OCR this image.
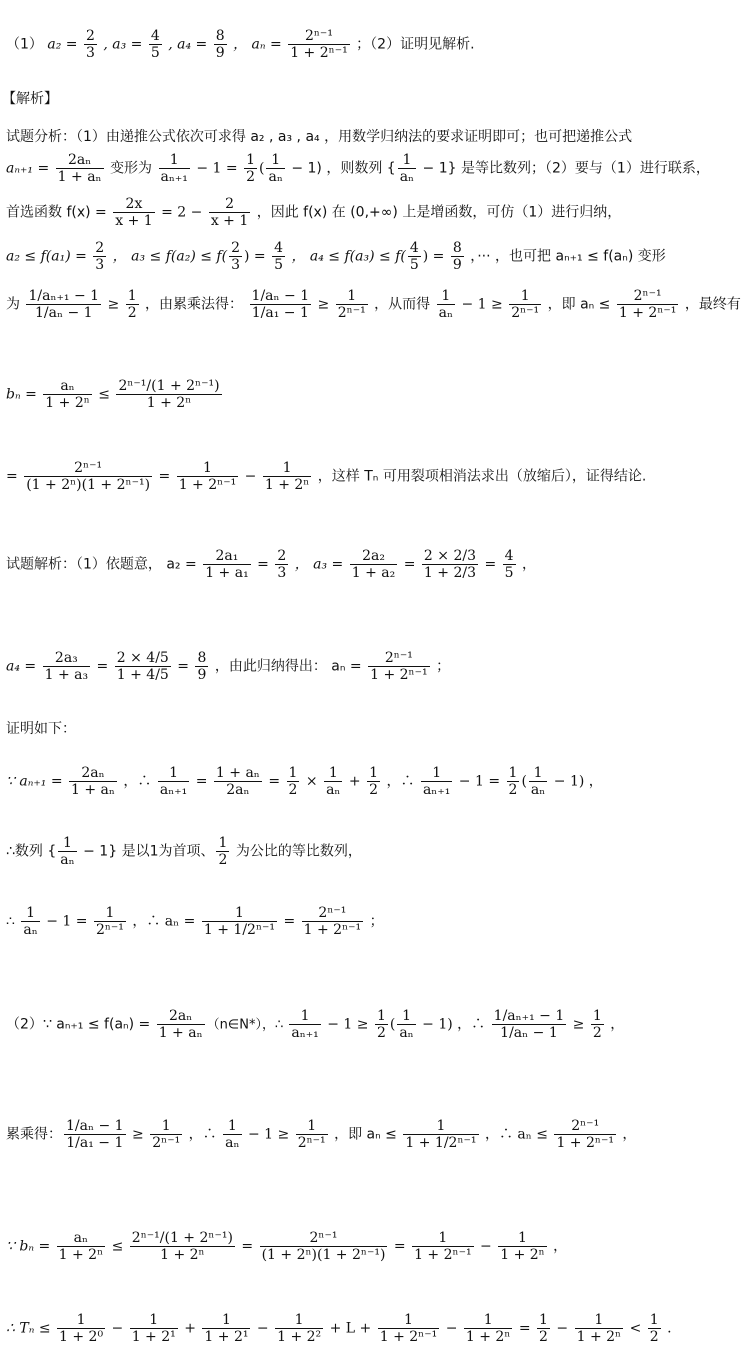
（1） $a_2 = \frac{2}{3}$ , $a_3 = \frac{4}{5}$ , $a_4 = \frac{8}{9}$ ， $a_n = \frac{\text{2ⁿ⁻¹}}{\text{1 + 2ⁿ⁻¹}}$ ；（2）证明见解析.
【解析】
试题分析：（1）由递推公式依次可求得 a₂ , a₃ , a₄ ，用数学归纳法的要求证明即可；也可把递推公式
$a_{n+1} = \frac{\text{2aₙ}}{\text{1 + aₙ}}$ 变形为 $\frac{1}{\text{aₙ₊₁}} - 1 = \frac{1}{2}$ ( $\frac{1}{\text{aₙ}} - 1$) ，则数列 { $\frac{1}{\text{aₙ}} - 1$} 是等比数列；（2）要与（1）进行联系，
首选函数 $f(x) = \frac{2x}{x + 1} = 2 - \frac{2}{x + 1}$ ，因此 f(x) 在 (0,+∞) 上是增函数，可仿（1）进行归纳，
$a_2 \le f(a_1) = \frac{2}{3}$ ， $a_3 \le f(a_2) \le f( \frac{2}{3}$ ) = $\frac{4}{5}$ ， $a_4 \le f(a_3) \le f( \frac{4}{5}$ ) = $\frac{8}{9}$ ，··· ，也可把 aₙ₊₁ ≤ f(aₙ) 变形
为 $\frac{\text{1/aₙ₊₁ − 1}}{\text{1/aₙ − 1}} \ge \frac{1}{2}$ ，由累乘法得： $\frac{\text{1/aₙ − 1}}{\text{1/a₁ − 1}} \ge \frac{1}{\text{2ⁿ⁻¹}}$ ，从而得 $\frac{1}{\text{aₙ}} - 1 \ge \frac{1}{\text{2ⁿ⁻¹}}$ ，即 $a_n \le \frac{\text{2ⁿ⁻¹}}{\text{1 + 2ⁿ⁻¹}}$ ，最终有
$b_n = \frac{\text{aₙ}}{\text{1 + 2ⁿ}} \le \frac{\text{2ⁿ⁻¹/(1 + 2ⁿ⁻¹)}}{\text{1 + 2ⁿ}}$
= $\frac{\text{2ⁿ⁻¹}}{\text{(1 + 2ⁿ)(1 + 2ⁿ⁻¹)}} = \frac{1}{\text{1 + 2ⁿ⁻¹}} - \frac{1}{\text{1 + 2ⁿ}}$ ，这样 Tₙ 可用裂项相消法求出（放缩后），证得结论.
试题解析：（1）依题意， $a_2 = \frac{\text{2a₁}}{\text{1 + a₁}} = \frac{2}{3}$ ， $a_3 = \frac{\text{2a₂}}{\text{1 + a₂}} = \frac{2 \times 2/3}{1 + 2/3} = \frac{4}{5}$ ，
$a_4 = \frac{\text{2a₃}}{\text{1 + a₃}} = \frac{2 \times 4/5}{1 + 4/5} = \frac{8}{9}$ ，由此归纳得出： $a_n = \frac{\text{2ⁿ⁻¹}}{\text{1 + 2ⁿ⁻¹}}$ ；
证明如下：
∵ $a_{n+1} = \frac{\text{2aₙ}}{\text{1 + aₙ}}$ ，∴ $\frac{1}{\text{aₙ₊₁}} = \frac{\text{1 + aₙ}}{\text{2aₙ}} = \frac{1}{2} \times \frac{1}{\text{aₙ}} + \frac{1}{2}$ ，∴ $\frac{1}{\text{aₙ₊₁}} - 1 = \frac{1}{2}$ ( $\frac{1}{\text{aₙ}} - 1$) ，
∴数列 { $\frac{1}{\text{aₙ}} - 1$} 是以1为首项、 $\frac{1}{2}$ 为公比的等比数列，
∴ $\frac{1}{\text{aₙ}} - 1 = \frac{1}{\text{2ⁿ⁻¹}}$ ，∴ $a_n = \frac{1}{\text{1 + 1/2ⁿ⁻¹}} = \frac{\text{2ⁿ⁻¹}}{\text{1 + 2ⁿ⁻¹}}$ ；
（2）∵ $a_{n+1} \le f(a_n) = \frac{\text{2aₙ}}{\text{1 + aₙ}}$ （n∈N*），∴ $\frac{1}{\text{aₙ₊₁}} - 1 \ge \frac{1}{2}$ ( $\frac{1}{\text{aₙ}} - 1$) ，∴ $\frac{\text{1/aₙ₊₁ − 1}}{\text{1/aₙ − 1}} \ge \frac{1}{2}$ ，
累乘得： $\frac{\text{1/aₙ − 1}}{\text{1/a₁ − 1}} \ge \frac{1}{\text{2ⁿ⁻¹}}$ ，∴ $\frac{1}{\text{aₙ}} - 1 \ge \frac{1}{\text{2ⁿ⁻¹}}$ ，即 $a_n \le \frac{1}{\text{1 + 1/2ⁿ⁻¹}}$ ，∴ $a_n \le \frac{\text{2ⁿ⁻¹}}{\text{1 + 2ⁿ⁻¹}}$ ，
∵ $b_n = \frac{\text{aₙ}}{\text{1 + 2ⁿ}} \le \frac{\text{2ⁿ⁻¹/(1 + 2ⁿ⁻¹)}}{\text{1 + 2ⁿ}} = \frac{\text{2ⁿ⁻¹}}{\text{(1 + 2ⁿ)(1 + 2ⁿ⁻¹)}} = \frac{1}{\text{1 + 2ⁿ⁻¹}} - \frac{1}{\text{1 + 2ⁿ}}$ ，
∴ $T_n \le \frac{1}{\text{1 + 2⁰}} - \frac{1}{\text{1 + 2¹}} + \frac{1}{\text{1 + 2¹}} - \frac{1}{\text{1 + 2²}} + L + \frac{1}{\text{1 + 2ⁿ⁻¹}} - \frac{1}{\text{1 + 2ⁿ}} = \frac{1}{2} - \frac{1}{\text{1 + 2ⁿ}} < \frac{1}{2}$ .
